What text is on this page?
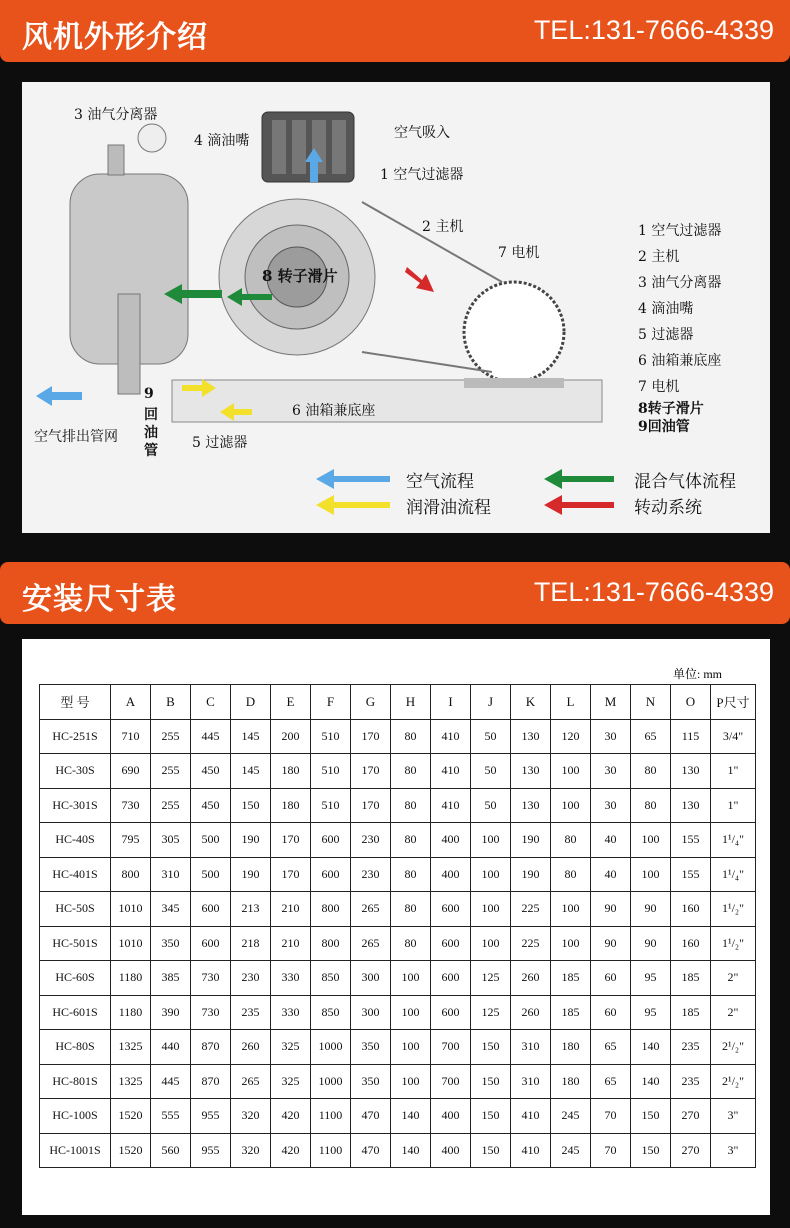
风机外形介绍	TEL:131-7666-4339
3 油气分离器
4 滴油嘴	空气吸入
1 空气过滤器
2 主机
7 电机
8 转子滑片
6 油箱兼底座
9
回
油
管
空气排出管网	5 过滤器
1 空气过滤器
2 主机
3 油气分离器
4 滴油嘴
5 过滤器
6 油箱兼底座
7 电机
8转子滑片
9回油管
空气流程
润滑油流程
混合气体流程
转动系统
安装尺寸表	TEL:131-7666-4339
单位: mm
型 号	A	B	C	D	E	F	G	H	I	J	K	L	M	N	O	P尺寸
HC-251S	710	255	445	145	200	510	170	80	410	50	130	120	30	65	115	3/4"
HC-30S	690	255	450	145	180	510	170	80	410	50	130	100	30	80	130	1"
HC-301S	730	255	450	150	180	510	170	80	410	50	130	100	30	80	130	1"
HC-40S	795	305	500	190	170	600	230	80	400	100	190	80	40	100	155	1¹/₄"
HC-401S	800	310	500	190	170	600	230	80	400	100	190	80	40	100	155	1¹/₄"
HC-50S	1010	345	600	213	210	800	265	80	600	100	225	100	90	90	160	1¹/₂"
HC-501S	1010	350	600	218	210	800	265	80	600	100	225	100	90	90	160	1¹/₂"
HC-60S	1180	385	730	230	330	850	300	100	600	125	260	185	60	95	185	2"
HC-601S	1180	390	730	235	330	850	300	100	600	125	260	185	60	95	185	2"
HC-80S	1325	440	870	260	325	1000	350	100	700	150	310	180	65	140	235	2¹/₂"
HC-801S	1325	445	870	265	325	1000	350	100	700	150	310	180	65	140	235	2¹/₂"
HC-100S	1520	555	955	320	420	1100	470	140	400	150	410	245	70	150	270	3"
HC-1001S	1520	560	955	320	420	1100	470	140	400	150	410	245	70	150	270	3"
